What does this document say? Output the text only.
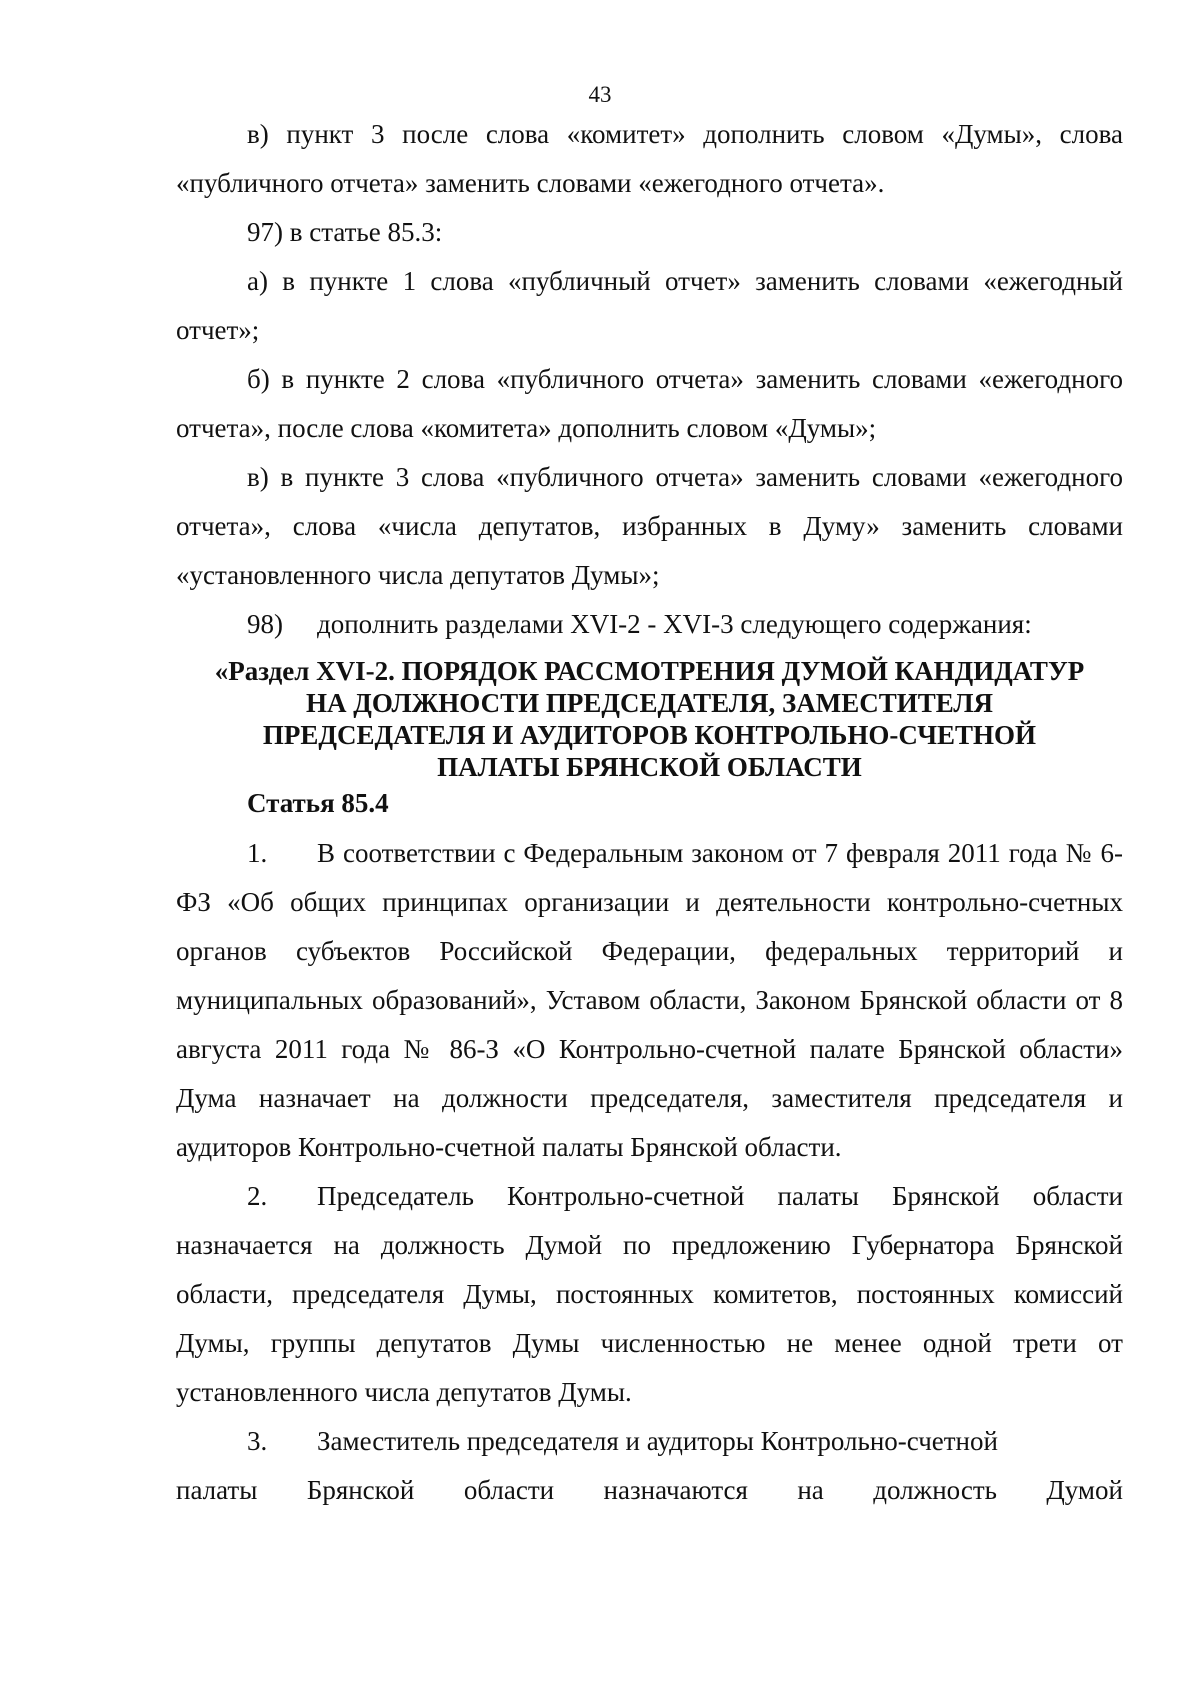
43

в) пункт 3 после слова «комитет» дополнить словом «Думы», слова «публичного отчета» заменить словами «ежегодного отчета».

97) в статье 85.3:

а) в пункте 1 слова «публичный отчет» заменить словами «ежегодный отчет»;

б) в пункте 2 слова «публичного отчета» заменить словами «ежегодного отчета», после слова «комитета» дополнить словом «Думы»;

в) в пункте 3 слова «публичного отчета» заменить словами «ежегодного отчета», слова «числа депутатов, избранных в Думу» заменить словами «установленного числа депутатов Думы»;

98) дополнить разделами XVI-2 - XVI-3 следующего содержания:

«Раздел XVI-2. ПОРЯДОК РАССМОТРЕНИЯ ДУМОЙ КАНДИДАТУР
НА ДОЛЖНОСТИ ПРЕДСЕДАТЕЛЯ, ЗАМЕСТИТЕЛЯ
ПРЕДСЕДАТЕЛЯ И АУДИТОРОВ КОНТРОЛЬНО-СЧЕТНОЙ
ПАЛАТЫ БРЯНСКОЙ ОБЛАСТИ
Статья 85.4

1. В соответствии с Федеральным законом от 7 февраля 2011 года № 6-ФЗ «Об общих принципах организации и деятельности контрольно-счетных органов субъектов Российской Федерации, федеральных территорий и муниципальных образований», Уставом области, Законом Брянской области от 8 августа 2011 года № 86-З «О Контрольно-счетной палате Брянской области» Дума назначает на должности председателя, заместителя председателя и аудиторов Контрольно-счетной палаты Брянской области.

2. Председатель Контрольно-счетной палаты Брянской области назначается на должность Думой по предложению Губернатора Брянской области, председателя Думы, постоянных комитетов, постоянных комиссий Думы, группы депутатов Думы численностью не менее одной трети от установленного числа депутатов Думы.

3. Заместитель председателя и аудиторы Контрольно-счетной

палаты Брянской области назначаются на должность Думой
